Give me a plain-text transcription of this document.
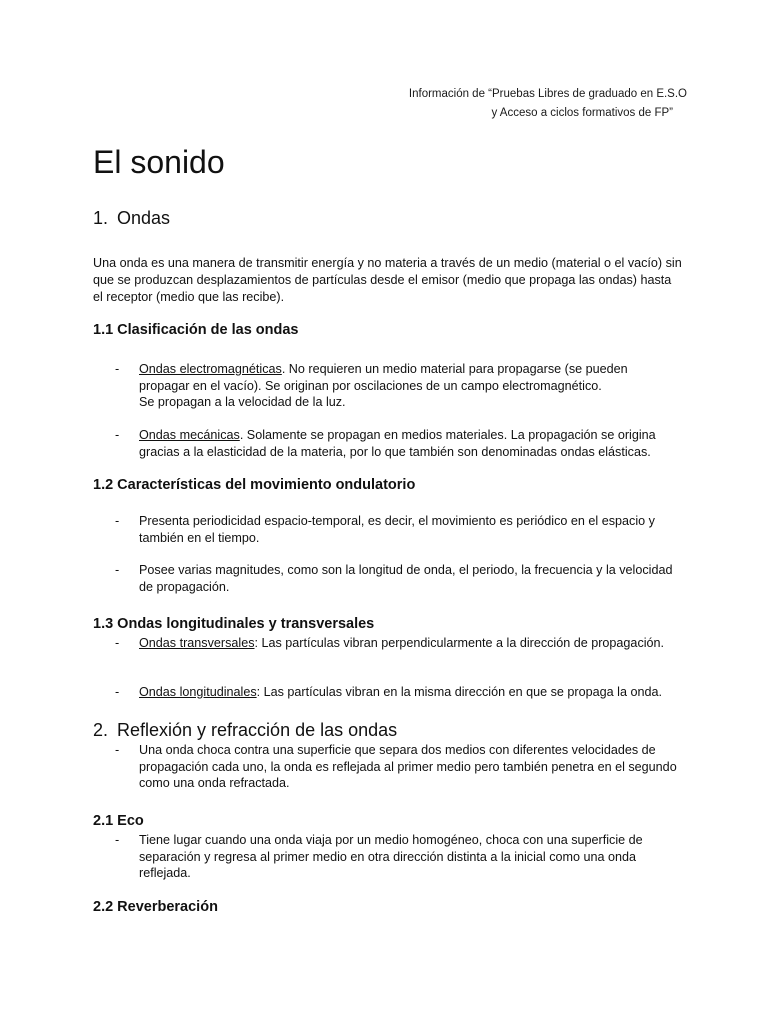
Información de “Pruebas Libres de graduado en E.S.O
y Acceso a ciclos formativos de FP”
El sonido
1. Ondas

Una onda es una manera de transmitir energía y no materia a través de un medio (material o el vacío) sin que se produzcan desplazamientos de partículas desde el emisor (medio que propaga las ondas) hasta el receptor (medio que las recibe).

1.1 Clasificación de las ondas
- Ondas electromagnéticas. No requieren un medio material para propagarse (se pueden propagar en el vacío). Se originan por oscilaciones de un campo electromagnético.
Se propagan a la velocidad de la luz.
- Ondas mecánicas. Solamente se propagan en medios materiales. La propagación se origina gracias a la elasticidad de la materia, por lo que también son denominadas ondas elásticas.
1.2 Características del movimiento ondulatorio
- Presenta periodicidad espacio-temporal, es decir, el movimiento es periódico en el espacio y también en el tiempo.
- Posee varias magnitudes, como son la longitud de onda, el periodo, la frecuencia y la velocidad de propagación.
1.3 Ondas longitudinales y transversales
- Ondas transversales: Las partículas vibran perpendicularmente a la dirección de propagación.
- Ondas longitudinales: Las partículas vibran en la misma dirección en que se propaga la onda.
2. Reflexión y refracción de las ondas
- Una onda choca contra una superficie que separa dos medios con diferentes velocidades de propagación cada uno, la onda es reflejada al primer medio pero también penetra en el segundo como una onda refractada.
2.1 Eco
- Tiene lugar cuando una onda viaja por un medio homogéneo, choca con una superficie de separación y regresa al primer medio en otra dirección distinta a la inicial como una onda reflejada.
2.2 Reverberación
